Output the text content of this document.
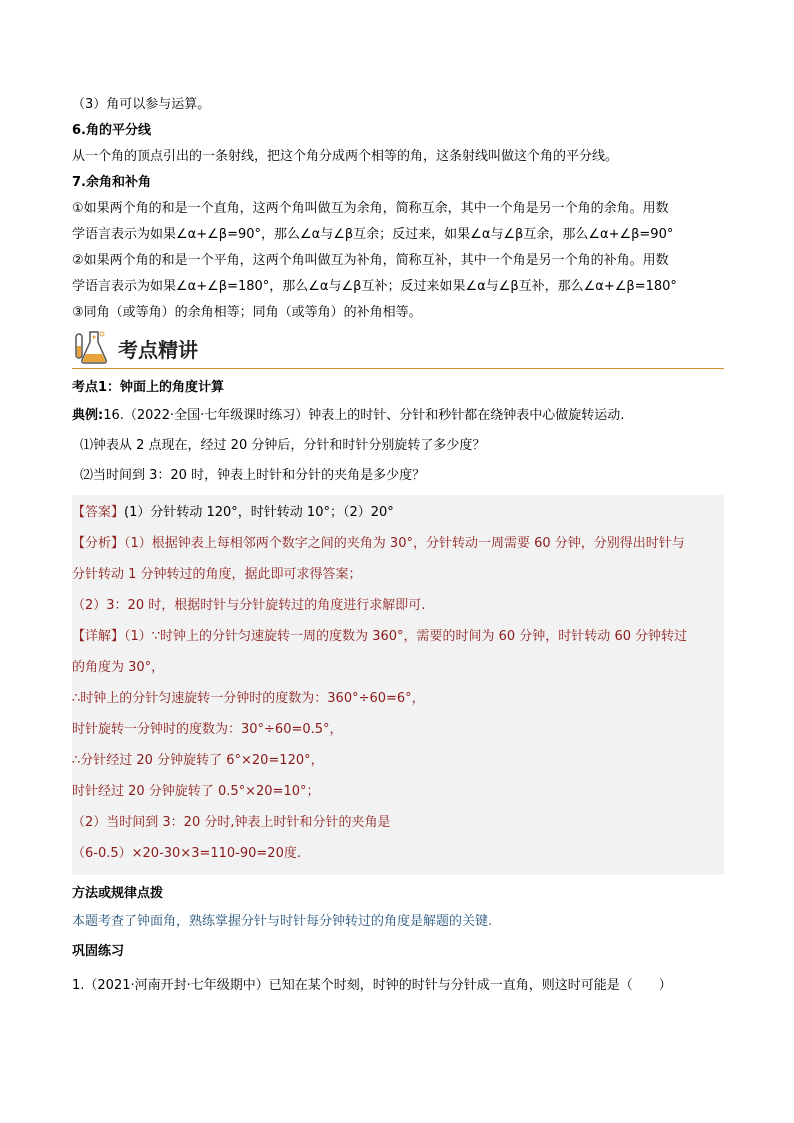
（3）角可以参与运算。
6.角的平分线
从一个角的顶点引出的一条射线，把这个角分成两个相等的角，这条射线叫做这个角的平分线。
7.余角和补角
①如果两个角的和是一个直角，这两个角叫做互为余角，简称互余，其中一个角是另一个角的余角。用数
学语言表示为如果∠α+∠β=90°，那么∠α与∠β互余；反过来，如果∠α与∠β互余，那么∠α+∠β=90°
②如果两个角的和是一个平角，这两个角叫做互为补角，简称互补，其中一个角是另一个角的补角。用数
学语言表示为如果∠α+∠β=180°，那么∠α与∠β互补；反过来如果∠α与∠β互补，那么∠α+∠β=180°
③同角（或等角）的余角相等；同角（或等角）的补角相等。
考点精讲
考点1：钟面上的角度计算
典例:16.（2022·全国·七年级课时练习）钟表上的时针、分针和秒针都在绕钟表中心做旋转运动.
⑴钟表从 2 点现在，经过 20 分钟后，分针和时针分别旋转了多少度？
⑵当时间到 3：20 时，钟表上时针和分针的夹角是多少度？
【答案】(1）分针转动 120°，时针转动 10°；（2）20°
【分析】（1）根据钟表上每相邻两个数字之间的夹角为 30°，分针转动一周需要 60 分钟，分别得出时针与
分针转动 1 分钟转过的角度，据此即可求得答案；
（2）3：20 时，根据时针与分针旋转过的角度进行求解即可.
【详解】（1）∵时钟上的分针匀速旋转一周的度数为 360°，需要的时间为 60 分钟，时针转动 60 分钟转过
的角度为 30°，
∴时钟上的分针匀速旋转一分钟时的度数为：360°÷60=6°，
时针旋转一分钟时的度数为：30°÷60=0.5°，
∴分针经过 20 分钟旋转了 6°×20=120°，
时针经过 20 分钟旋转了 0.5°×20=10°；
（2）当时间到 3：20 分时,钟表上时针和分针的夹角是
（6-0.5）×20-30×3=110-90=20度.
方法或规律点拨
本题考查了钟面角，熟练掌握分针与时针每分钟转过的角度是解题的关键.
巩固练习
1.（2021·河南开封·七年级期中）已知在某个时刻，时钟的时针与分针成一直角，则这时可能是（　　）
